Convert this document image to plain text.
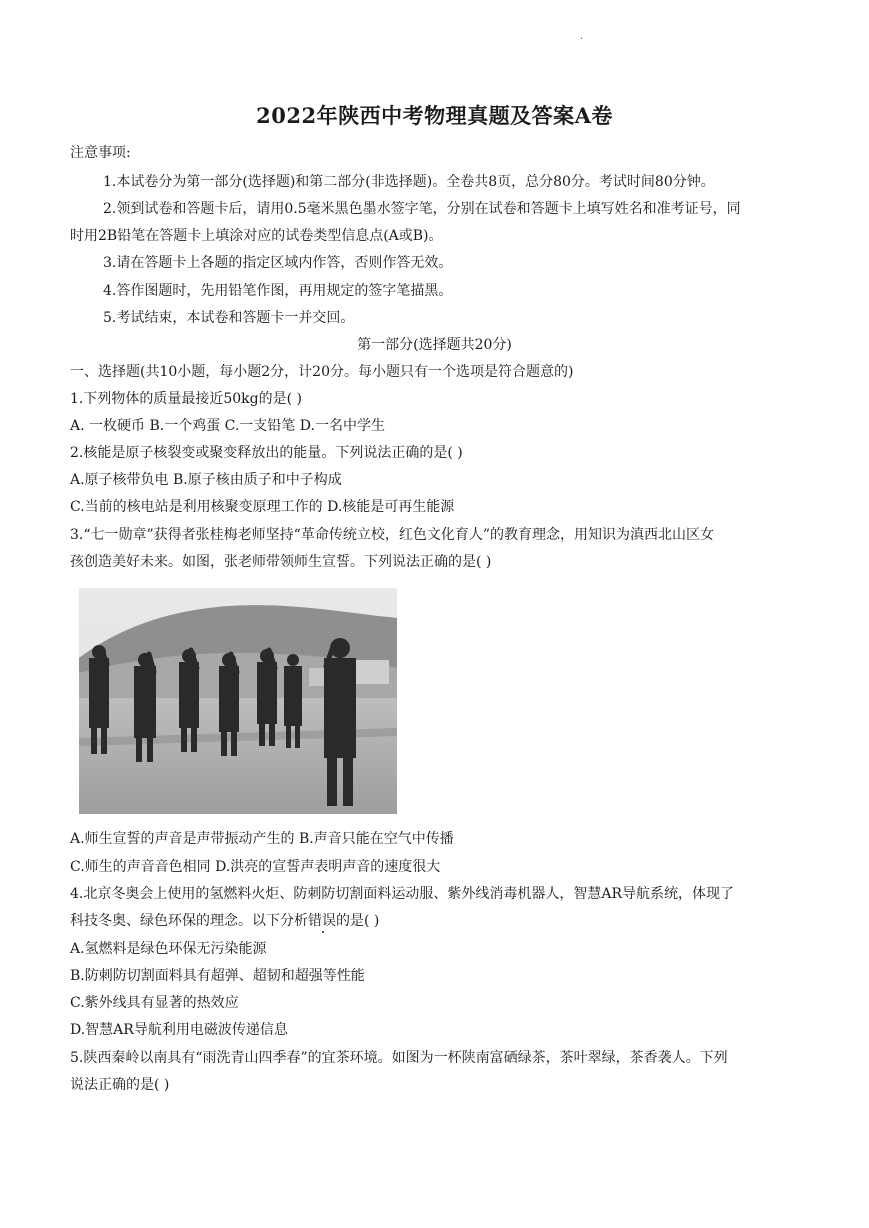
·
2022年陕西中考物理真题及答案A卷
注意事项:
1.本试卷分为第一部分(选择题)和第二部分(非选择题)。全卷共8页，总分80分。考试时间80分钟。
2.领到试卷和答题卡后，请用0.5毫米黑色墨水签字笔，分别在试卷和答题卡上填写姓名和准考证号，同
时用2B铅笔在答题卡上填涂对应的试卷类型信息点(A或B)。
3.请在答题卡上各题的指定区域内作答，否则作答无效。
4.答作图题时，先用铅笔作图，再用规定的签字笔描黑。
5.考试结束，本试卷和答题卡一并交回。
第一部分(选择题共20分)
一、选择题(共10小题，每小题2分，计20分。每小题只有一个选项是符合题意的)
1.下列物体的质量最接近50kg的是( )
A. 一枚硬币 B.一个鸡蛋 C.一支铅笔 D.一名中学生
2.核能是原子核裂变或聚变释放出的能量。下列说法正确的是( )
A.原子核带负电 B.原子核由质子和中子构成
C.当前的核电站是利用核聚变原理工作的 D.核能是可再生能源
3.“七一勋章”获得者张桂梅老师坚持“革命传统立校，红色文化育人”的教育理念，用知识为滇西北山区女
孩创造美好未来。如图，张老师带领师生宣誓。下列说法正确的是( )
A.师生宣誓的声音是声带振动产生的 B.声音只能在空气中传播
C.师生的声音音色相同 D.洪亮的宣誓声表明声音的速度很大
4.北京冬奥会上使用的氢燃料火炬、防刺防切割面料运动服、紫外线消毒机器人，智慧AR导航系统，体现了
科技冬奥、绿色环保的理念。以下分析错误的是( )
A.氢燃料是绿色环保无污染能源
B.防刺防切割面料具有超弹、超韧和超强等性能
C.紫外线具有显著的热效应
D.智慧AR导航利用电磁波传递信息
5.陕西秦岭以南具有“雨洗青山四季春”的宜茶环境。如图为一杯陕南富硒绿茶，茶叶翠绿，茶香袭人。下列
说法正确的是( )
